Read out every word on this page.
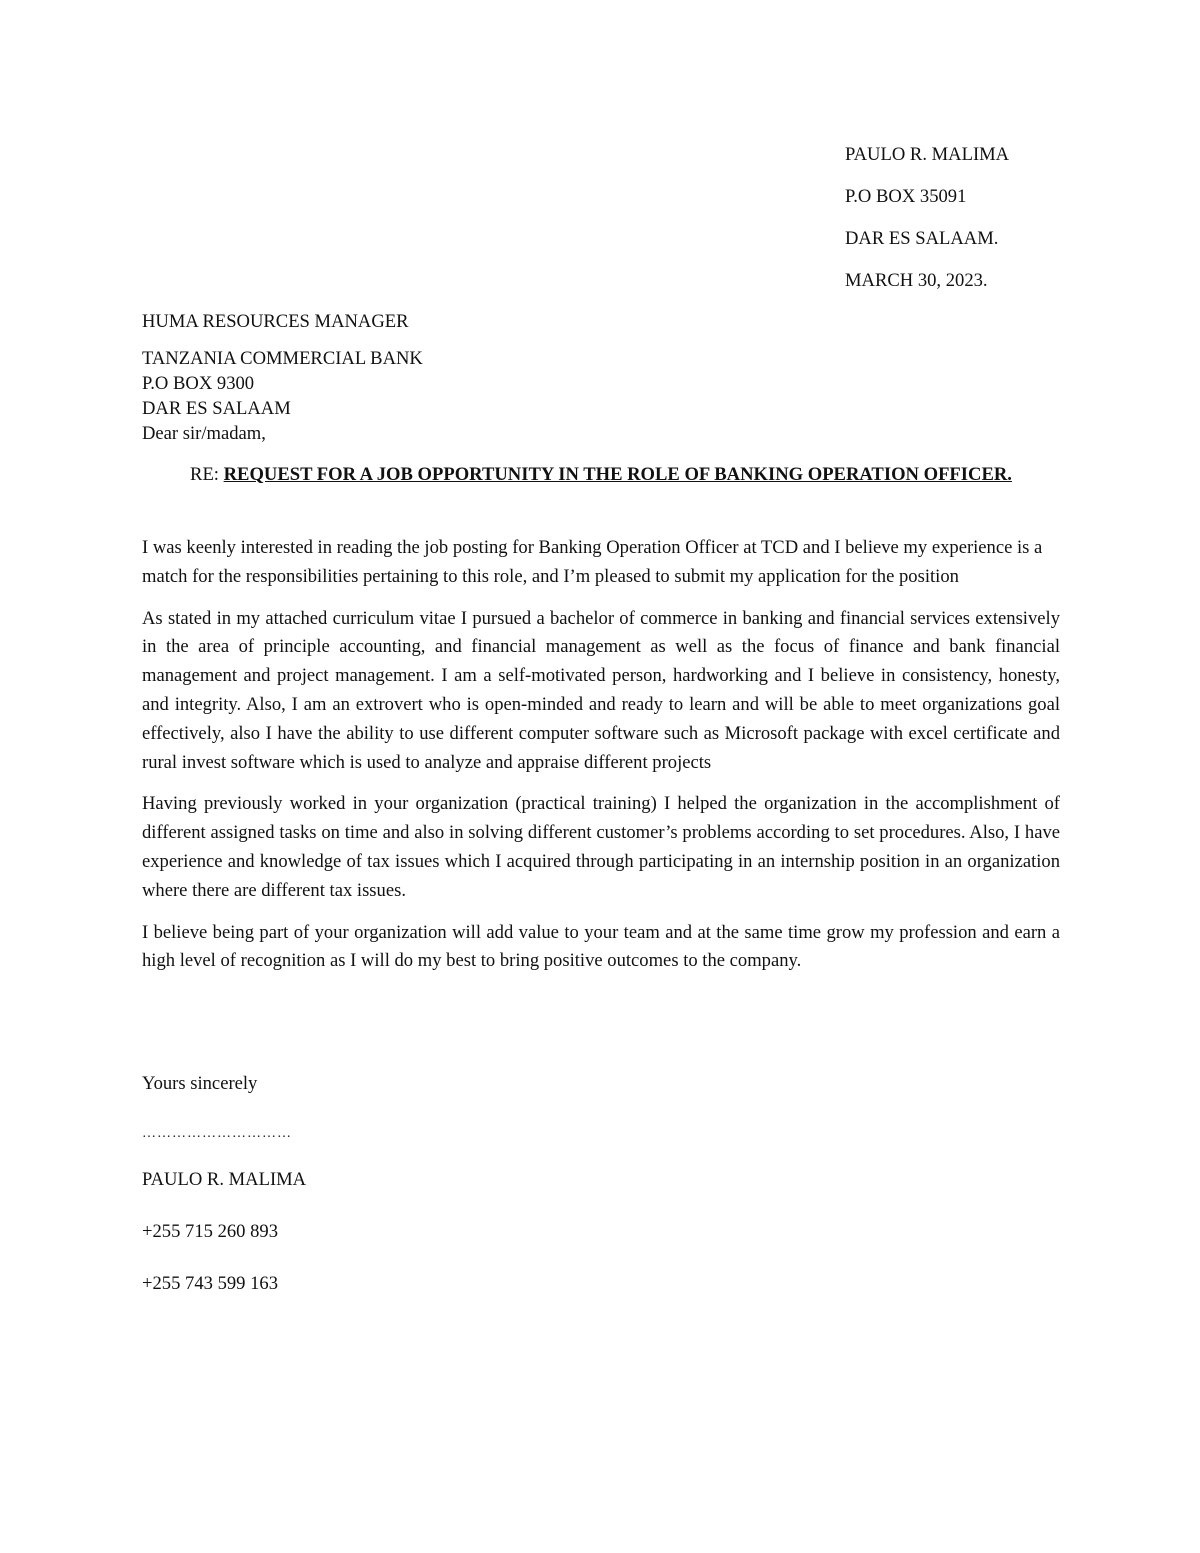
PAULO R. MALIMA
P.O BOX 35091
DAR ES SALAAM.
MARCH 30, 2023.
HUMA RESOURCES MANAGER
TANZANIA COMMERCIAL BANK
P.O BOX 9300
DAR ES SALAAM
Dear sir/madam,
RE: REQUEST FOR A JOB OPPORTUNITY IN THE ROLE OF BANKING OPERATION OFFICER.

I was keenly interested in reading the job posting for Banking Operation Officer at TCD and I believe my experience is a match for the responsibilities pertaining to this role, and I’m pleased to submit my application for the position

As stated in my attached curriculum vitae I pursued a bachelor of commerce in banking and financial services extensively in the area of principle accounting, and financial management as well as the focus of finance and bank financial management and project management. I am a self-motivated person, hardworking and I believe in consistency, honesty, and integrity. Also, I am an extrovert who is open-minded and ready to learn and will be able to meet organizations goal effectively, also I have the ability to use different computer software such as Microsoft package with excel certificate and rural invest software which is used to analyze and appraise different projects

Having previously worked in your organization (practical training) I helped the organization in the accomplishment of different assigned tasks on time and also in solving different customer’s problems according to set procedures. Also, I have experience and knowledge of tax issues which I acquired through participating in an internship position in an organization where there are different tax issues.

I believe being part of your organization will add value to your team and at the same time grow my profession and earn a high level of recognition as I will do my best to bring positive outcomes to the company.

Yours sincerely
…………………………
PAULO R. MALIMA
+255 715 260 893
+255 743 599 163
